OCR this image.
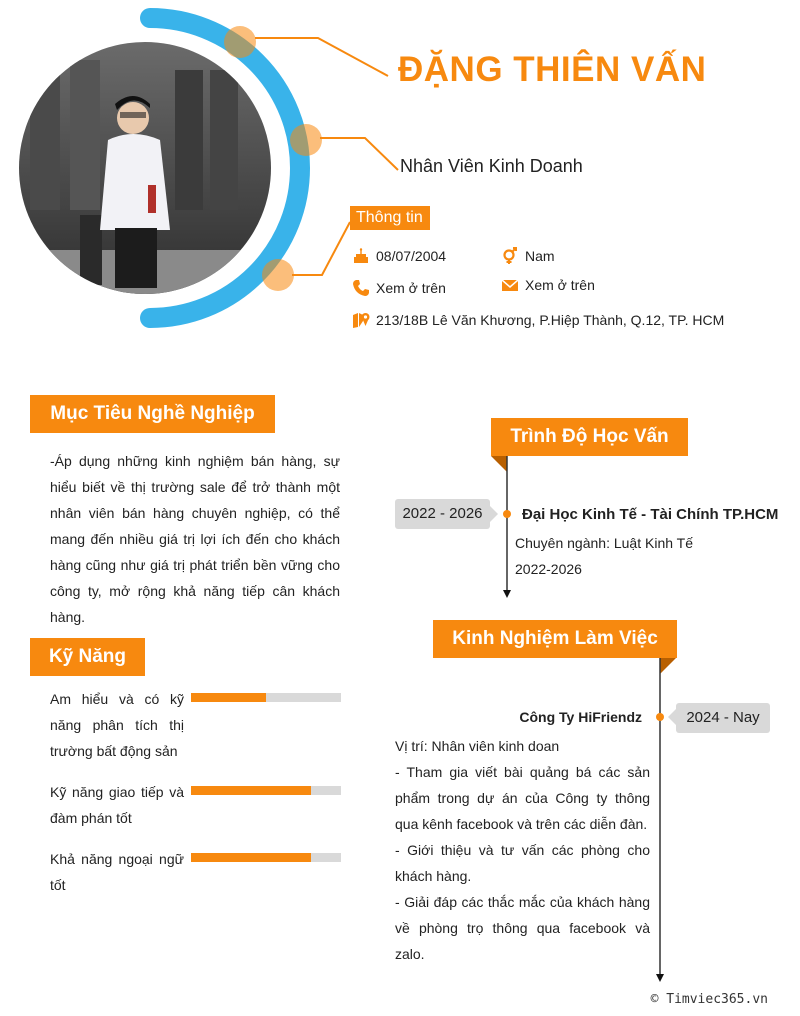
ĐẶNG THIÊN VẤN
Nhân Viên Kinh Doanh
Thông tin
08/07/2004	Nam
Xem ở trên	Xem ở trên
213/18B Lê Văn Khương, P.Hiệp Thành, Q.12, TP. HCM
Mục Tiêu Nghề Nghiệp
-Áp dụng những kinh nghiệm bán hàng, sự hiểu biết về thị trường sale để trở thành một nhân viên bán hàng chuyên nghiệp, có thể mang đến nhiều giá trị lợi ích đến cho khách hàng cũng như giá trị phát triển bền vững cho công ty, mở rộng khả năng tiếp cân khách hàng.
Kỹ Năng
Am hiểu và có kỹ năng phân tích thị trường bất động sản
Kỹ năng giao tiếp và đàm phán tốt
Khả năng ngoại ngữ tốt
Trình Độ Học Vấn
2022 - 2026	Đại Học Kinh Tế - Tài Chính TP.HCM
Chuyên ngành: Luật Kinh Tế
2022-2026
Kinh Nghiệm Làm Việc
2024 - Nay
Công Ty HiFriendz
Vị trí: Nhân viên kinh doan
- Tham gia viết bài quảng bá các sản phẩm trong dự án của Công ty thông qua kênh facebook và trên các diễn đàn.
- Giới thiệu và tư vấn các phòng cho khách hàng.
- Giải đáp các thắc mắc của khách hàng về phòng trọ thông qua facebook và zalo.
© Timviec365.vn
